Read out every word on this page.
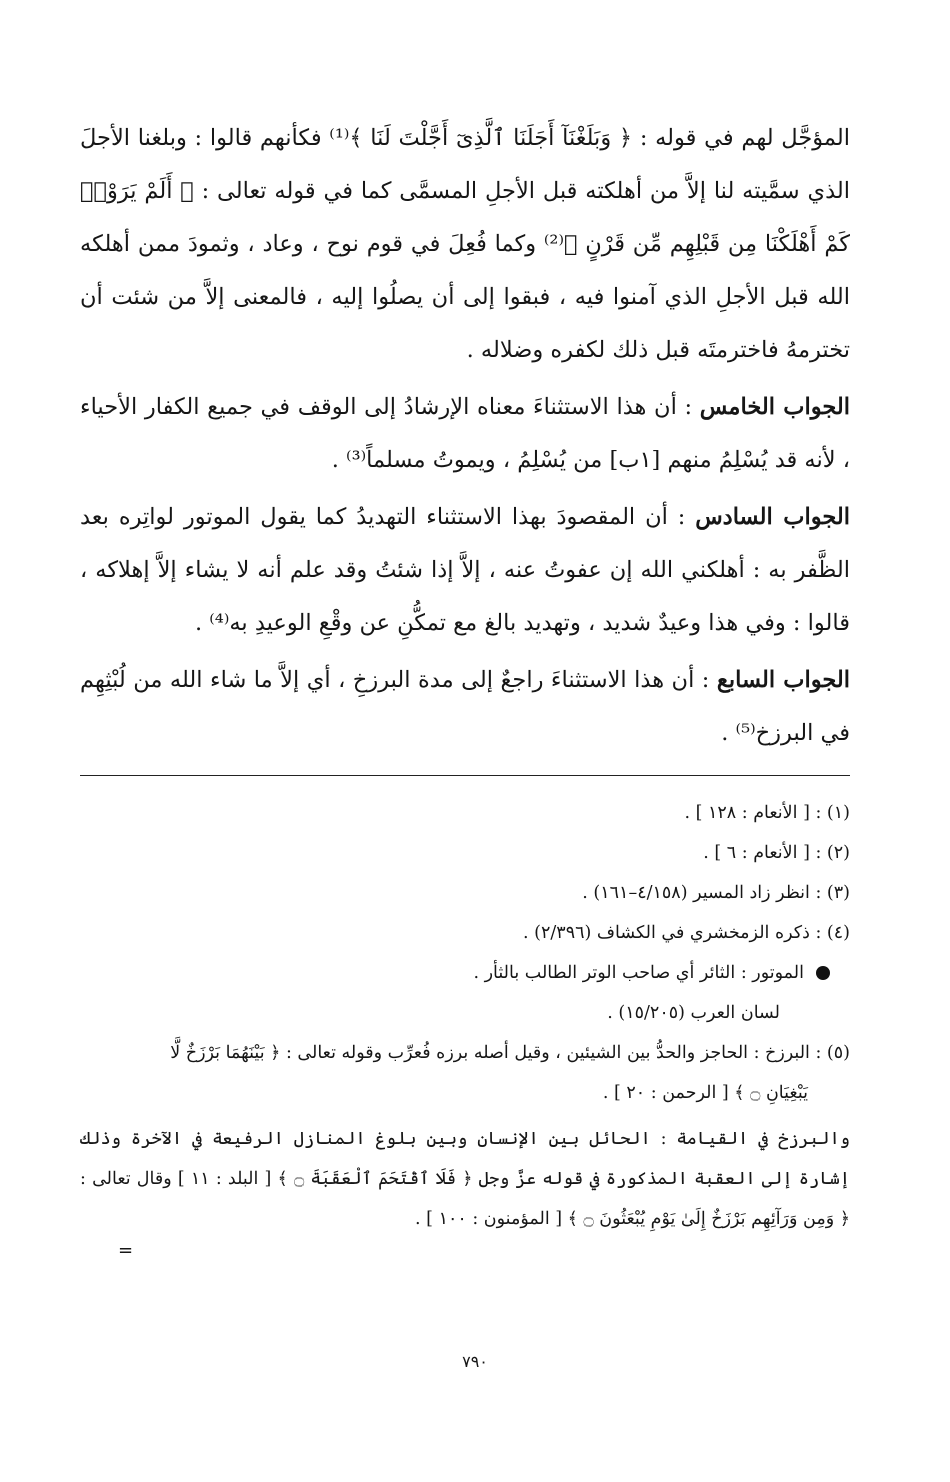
المؤجَّل لهم في قوله : ﴿ وَبَلَغْنَآ أَجَلَنَا ٱلَّذِىٓ أَجَّلْتَ لَنَا ﴾⁽¹⁾ فكأنهم قالوا : وبلغنا الأجلَ الذي سمَّيته لنا إلاَّ من أهلكته قبل الأجلِ المسمَّى كما في قوله تعالى : ﴿ أَلَمْ يَرَوْا۟ كَمْ أَهْلَكْنَا مِن قَبْلِهِم مِّن قَرْنٍ ﴾⁽²⁾ وكما فُعِلَ في قوم نوح ، وعاد ، وثمودَ ممن أهلكه الله قبل الأجلِ الذي آمنوا فيه ، فبقوا إلى أن يصلُوا إليه ، فالمعنى إلاَّ من شئت أن تخترمهُ فاخترمتَه قبل ذلك لكفره وضلاله .

الجواب الخامس : أن هذا الاستثناءَ معناه الإرشادُ إلى الوقف في جميع الكفار الأحياء ، لأنه قد يُسْلِمُ منهم [١ب] من يُسْلِمُ ، ويموتُ مسلماً⁽³⁾ .

الجواب السادس : أن المقصودَ بهذا الاستثناء التهديدُ كما يقول الموتور لواتِره بعد الظَّفر به : أهلكني الله إن عفوتُ عنه ، إلاَّ إذا شئتُ وقد علم أنه لا يشاء إلاَّ إهلاكه ، قالوا : وفي هذا وعيدٌ شديد ، وتهديد بالغ مع تمكُّنِ عن وقْعِ الوعيدِ به⁽⁴⁾ .

الجواب السابع : أن هذا الاستثناءَ راجعٌ إلى مدة البرزخِ ، أي إلاَّ ما شاء الله من لُبْثِهِم في البرزخ⁽⁵⁾ .

(١) : [ الأنعام : ١٢٨ ] .

(٢) : [ الأنعام : ٦ ] .

(٣) : انظر زاد المسير (٤/١٥٨–١٦١) .

(٤) : ذكره الزمخشري في الكشاف (٢/٣٩٦) .

الموتور : الثائر أي صاحب الوتر الطالب بالثأر .

لسان العرب (١٥/٢٠٥) .

(٥) : البرزخ : الحاجز والحدُّ بين الشيئين ، وقيل أصله برزه فُعرِّب وقوله تعالى : ﴿ بَيْنَهُمَا بَرْزَخٌ لَّا

يَبْغِيَانِ ۝ ﴾ [ الرحمن : ٢٠ ] .

والبرزخ في القيامة : الحائل بين الإنسان وبين بلوغ المنازل الرفيعة في الآخرة وذلك إشارة إلى العقبة المذكورة في قوله عزَّ وجل ﴿ فَلَا ٱقْتَحَمَ ٱلْعَقَبَةَ ۝ ﴾ [ البلد : ١١ ] وقال تعالى : ﴿ وَمِن وَرَآئِهِم بَرْزَخٌ إِلَىٰ يَوْمِ يُبْعَثُونَ ۝ ﴾ [ المؤمنون : ١٠٠ ] .

=
٧٩٠
